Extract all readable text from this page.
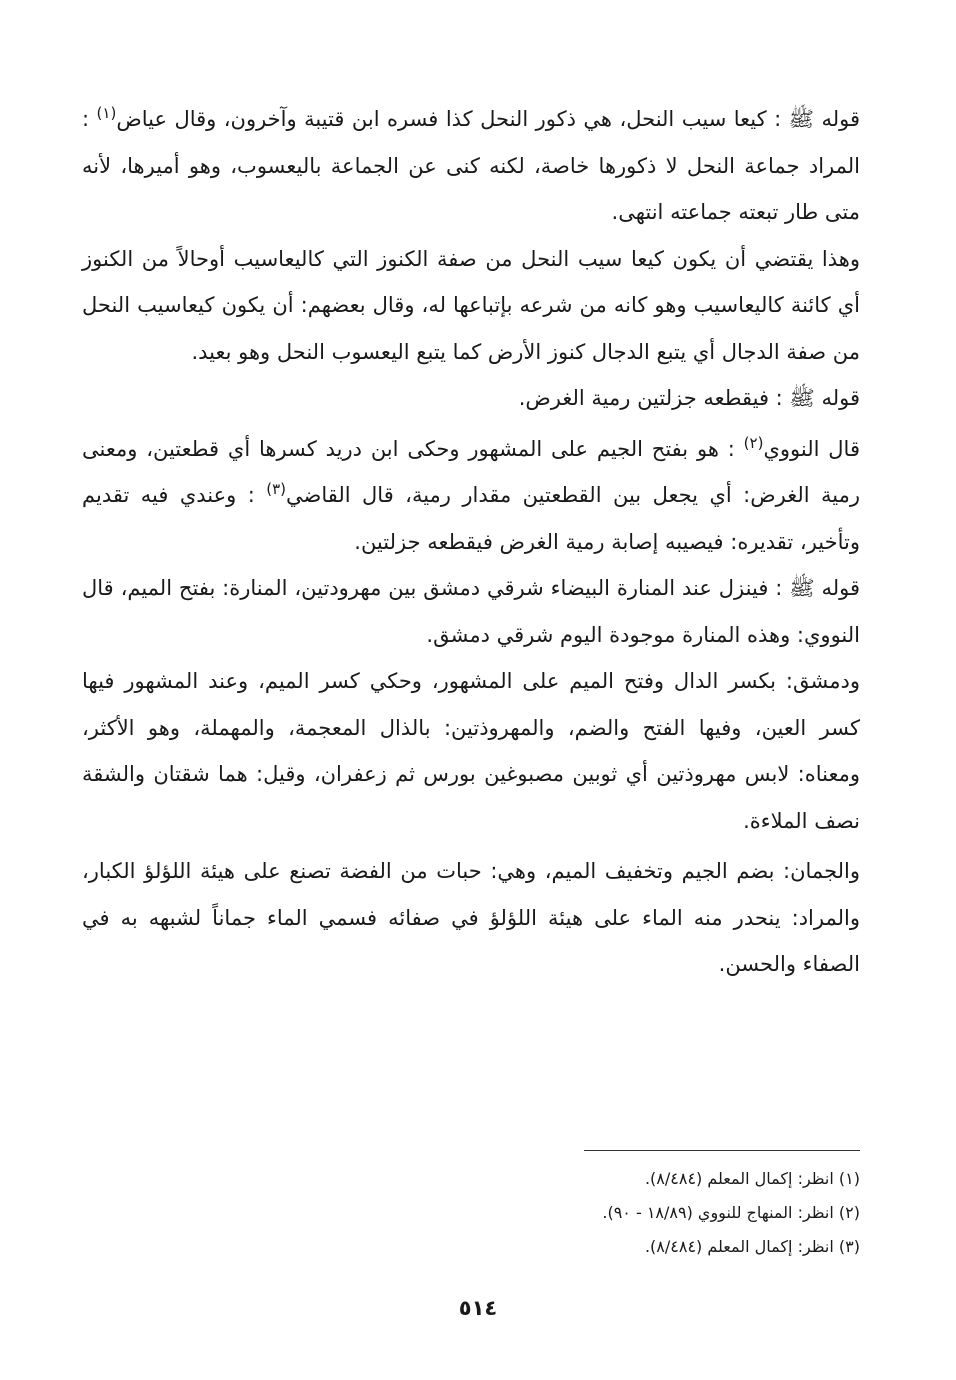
قوله ﷺ : كيعا سيب النحل، هي ذكور النحل كذا فسره ابن قتيبة وآخرون، وقال عياض$^{(١)}$ : المراد جماعة النحل لا ذكورها خاصة، لكنه كنى عن الجماعة باليعسوب، وهو أميرها، لأنه متى طار تبعته جماعته انتهى.

وهذا يقتضي أن يكون كيعا سيب النحل من صفة الكنوز التي كاليعاسيب أوحالاً من الكنوز أي كائنة كاليعاسيب وهو كانه من شرعه بإتباعها له، وقال بعضهم: أن يكون كيعاسيب النحل من صفة الدجال أي يتبع الدجال كنوز الأرض كما يتبع اليعسوب النحل وهو بعيد.

قوله ﷺ : فيقطعه جزلتين رمية الغرض.

قال النووي$^{(٢)}$ : هو بفتح الجيم على المشهور وحكى ابن دريد كسرها أي قطعتين، ومعنى رمية الغرض: أي يجعل بين القطعتين مقدار رمية، قال القاضي$^{(٣)}$ : وعندي فيه تقديم وتأخير، تقديره: فيصيبه إصابة رمية الغرض فيقطعه جزلتين.

قوله ﷺ : فينزل عند المنارة البيضاء شرقي دمشق بين مهرودتين، المنارة: بفتح الميم، قال النووي: وهذه المنارة موجودة اليوم شرقي دمشق.

ودمشق: بكسر الدال وفتح الميم على المشهور، وحكي كسر الميم، وعند المشهور فيها كسر العين، وفيها الفتح والضم، والمهروذتين: بالذال المعجمة، والمهملة، وهو الأكثر، ومعناه: لابس مهروذتين أي ثوبين مصبوغين بورس ثم زعفران، وقيل: هما شقتان والشقة نصف الملاءة.

والجمان: بضم الجيم وتخفيف الميم، وهي: حبات من الفضة تصنع على هيئة اللؤلؤ الكبار، والمراد: ينحدر منه الماء على هيئة اللؤلؤ في صفائه فسمي الماء جماناً لشبهه به في الصفاء والحسن.

(١) انظر: إكمال المعلم (٨/٤٨٤).

(٢) انظر: المنهاج للنووي (١٨/٨٩ - ٩٠).

(٣) انظر: إكمال المعلم (٨/٤٨٤).

٥١٤
